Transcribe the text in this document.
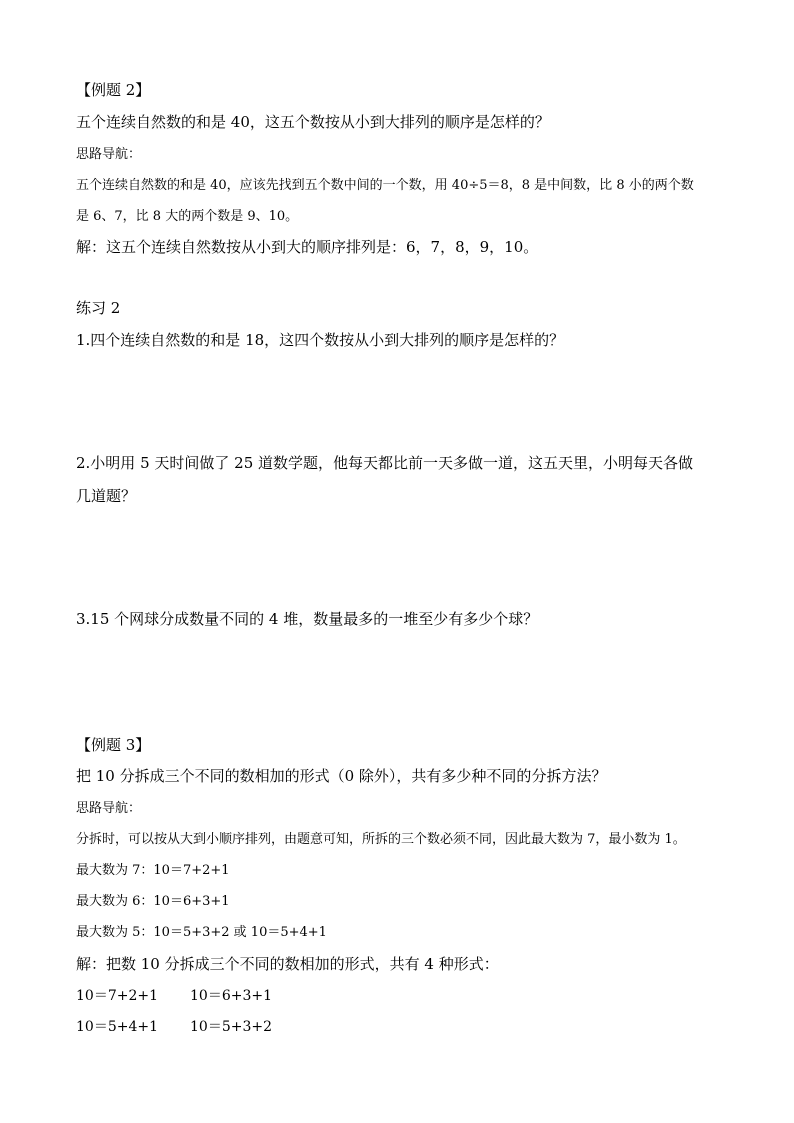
【例题 2】
五个连续自然数的和是 40，这五个数按从小到大排列的顺序是怎样的？
思路导航：
五个连续自然数的和是 40，应该先找到五个数中间的一个数，用 40÷5＝8，8 是中间数，比 8 小的两个数
是 6、7，比 8 大的两个数是 9、10。
解：这五个连续自然数按从小到大的顺序排列是：6，7，8，9，10。
练习 2
1.四个连续自然数的和是 18，这四个数按从小到大排列的顺序是怎样的？
2.小明用 5 天时间做了 25 道数学题，他每天都比前一天多做一道，这五天里，小明每天各做
几道题？
3.15 个网球分成数量不同的 4 堆，数量最多的一堆至少有多少个球？
【例题 3】
把 10 分拆成三个不同的数相加的形式（0 除外），共有多少种不同的分拆方法？
思路导航：
分拆时，可以按从大到小顺序排列，由题意可知，所拆的三个数必须不同，因此最大数为 7，最小数为 1。
最大数为 7：10＝7+2+1
最大数为 6：10＝6+3+1
最大数为 5：10＝5+3+2 或 10＝5+4+1
解：把数 10 分拆成三个不同的数相加的形式，共有 4 种形式：
10＝7+2+1 10＝6+3+1
10＝5+4+1 10＝5+3+2
